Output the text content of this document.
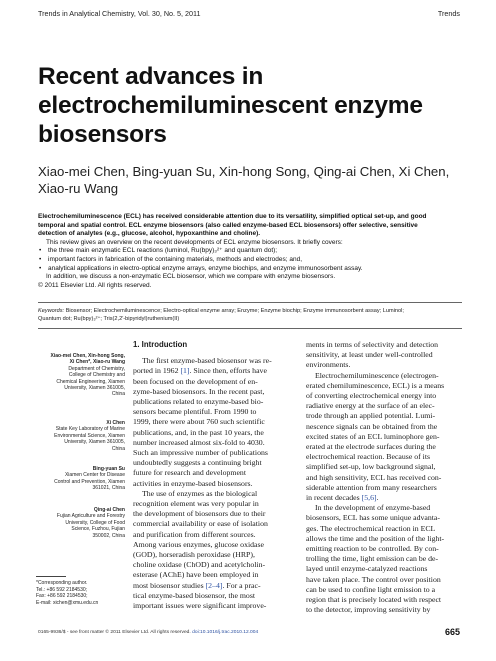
Trends in Analytical Chemistry, Vol. 30, No. 5, 2011	Trends
Recent advances in
electrochemiluminescent enzyme
biosensors
Xiao-mei Chen, Bing-yuan Su, Xin-hong Song, Qing-ai Chen, Xi Chen,
Xiao-ru Wang

Electrochemiluminescence (ECL) has received considerable attention due to its versatility, simplified optical set-up, and good
temporal and spatial control. ECL enzyme biosensors (also called enzyme-based ECL biosensors) offer selective, sensitive
detection of analytes (e.g., glucose, alcohol, hypoxanthine and choline).

This review gives an overview on the recent developments of ECL enzyme biosensors. It briefly covers:

• the three main enzymatic ECL reactions (luminol, Ru(bpy)₃²⁺ and quantum dot);
• important factors in fabrication of the containing materials, methods and electrodes; and,
• analytical applications in electro-optical enzyme arrays, enzyme biochips, and enzyme immunosorbent assay.

In addition, we discuss a non-enzymatic ECL biosensor, which we compare with enzyme biosensors.

© 2011 Elsevier Ltd. All rights reserved.

Keywords: Biosensor; Electrochemiluminescence; Electro-optical enzyme array; Enzyme; Enzyme biochip; Enzyme immunosorbent assay; Luminol;

Quantum dot; Ru(bpy)₃²⁺; Tris(2,2′-bipyridyl)ruthenium(II)

Xiao-mei Chen, Xin-hong Song,
Xi Chen*, Xiao-ru Wang
Department of Chemistry,
College of Chemistry and
Chemical Engineering, Xiamen
University, Xiamen 361005,
China
Xi Chen
State Key Laboratory of Marine
Environmental Science, Xiamen
University, Xiamen 361005,
China
Bing-yuan Su
Xiamen Center for Disease
Control and Prevention, Xiamen
361021, China
Qing-ai Chen
Fujian Agriculture and Forestry
University, College of Food
Science, Fuzhou, Fujian
350002, China
*Corresponding author.
Tel.: +86 592 2184530;
Fax: +86 592 2184530;
E-mail: xichen@xmu.edu.cn

1. Introduction

The first enzyme-based biosensor was re-
ported in 1962 [1]. Since then, efforts have
been focused on the development of en-
zyme-based biosensors. In the recent past,
publications related to enzyme-based bio-
sensors became plentiful. From 1990 to
1999, there were about 760 such scientific
publications, and, in the past 10 years, the
number increased almost six-fold to 4030.
Such an impressive number of publications
undoubtedly suggests a continuing bright
future for research and development
activities in enzyme-based biosensors.
The use of enzymes as the biological
recognition element was very popular in
the development of biosensors due to their
commercial availability or ease of isolation
and purification from different sources.
Among various enzymes, glucose oxidase
(GOD), horseradish peroxidase (HRP),
choline oxidase (ChOD) and acetylcholin-
esterase (AChE) have been employed in
most biosensor studies [2–4]. For a prac-
tical enzyme-based biosensor, the most
important issues were significant improve-
ments in terms of selectivity and detection
sensitivity, at least under well-controlled
environments.
Electrochemiluminescence (electrogen-
erated chemiluminescence, ECL) is a means
of converting electrochemical energy into
radiative energy at the surface of an elec-
trode through an applied potential. Lumi-
nescence signals can be obtained from the
excited states of an ECL luminophore gen-
erated at the electrode surfaces during the
electrochemical reaction. Because of its
simplified set-up, low background signal,
and high sensitivity, ECL has received con-
siderable attention from many researchers
in recent decades [5,6].
In the development of enzyme-based
biosensors, ECL has some unique advanta-
ges. The electrochemical reaction in ECL
allows the time and the position of the light-
emitting reaction to be controlled. By con-
trolling the time, light emission can be de-
layed until enzyme-catalyzed reactions
have taken place. The control over position
can be used to confine light emission to a
region that is precisely located with respect
to the detector, improving sensitivity by
0165-9936/$ - see front matter © 2011 Elsevier Ltd. All rights reserved. doi:10.1016/j.trac.2010.12.004	665
